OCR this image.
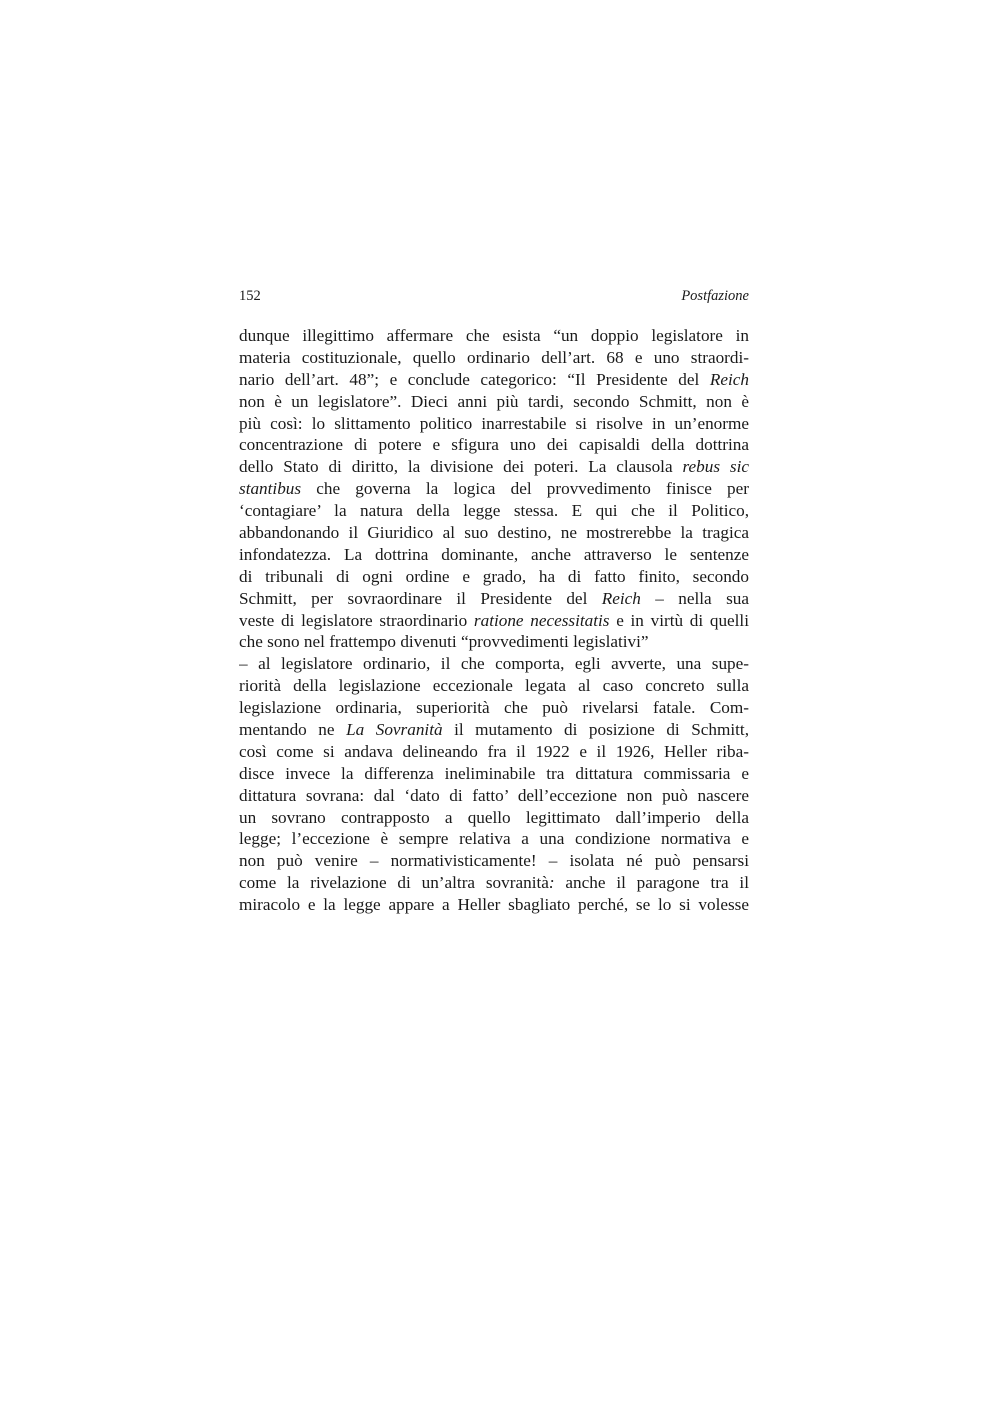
152	Postfazione
dunque illegittimo affermare che esista “un doppio legislatore in
materia costituzionale, quello ordinario dell’art. 68 e uno straordi-
nario dell’art. 48”; e conclude categorico: “Il Presidente del Reich
non è un legislatore”. Dieci anni più tardi, secondo Schmitt, non è
più così: lo slittamento politico inarrestabile si risolve in un’enorme
concentrazione di potere e sfigura uno dei capisaldi della dottrina
dello Stato di diritto, la divisione dei poteri. La clausola rebus sic
stantibus che governa la logica del provvedimento finisce per
‘contagiare’ la natura della legge stessa. E qui che il Politico,
abbandonando il Giuridico al suo destino, ne mostrerebbe la tragica
infondatezza. La dottrina dominante, anche attraverso le sentenze
di tribunali di ogni ordine e grado, ha di fatto finito, secondo
Schmitt, per sovraordinare il Presidente del Reich – nella sua
veste di legislatore straordinario ratione necessitatis e in virtù di quelli
che sono nel frattempo divenuti “provvedimenti legislativi”
– al legislatore ordinario, il che comporta, egli avverte, una supe-
riorità della legislazione eccezionale legata al caso concreto sulla
legislazione ordinaria, superiorità che può rivelarsi fatale. Com-
mentando ne La Sovranità il mutamento di posizione di Schmitt,
così come si andava delineando fra il 1922 e il 1926, Heller riba-
disce invece la differenza ineliminabile tra dittatura commissaria e
dittatura sovrana: dal ‘dato di fatto’ dell’eccezione non può nascere
un sovrano contrapposto a quello legittimato dall’imperio della
legge; l’eccezione è sempre relativa a una condizione normativa e
non può venire – normativisticamente! – isolata né può pensarsi
come la rivelazione di un’altra sovranità: anche il paragone tra il
miracolo e la legge appare a Heller sbagliato perché, se lo si volesse
